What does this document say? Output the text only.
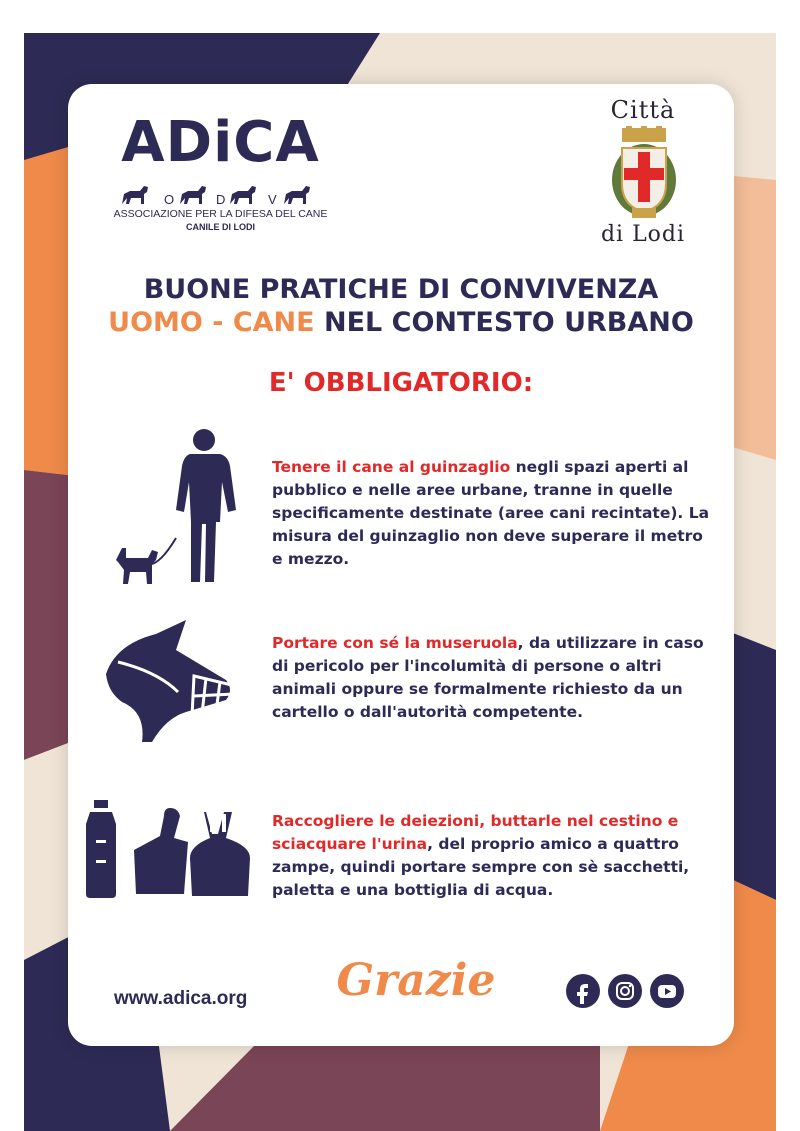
ADiCA
O	D	V
ASSOCIAZIONE PER LA DIFESA DEL CANE
CANILE DI LODI
Città
di Lodi
BUONE PRATICHE DI CONVIVENZA
UOMO - CANE NEL CONTESTO URBANO
E' OBBLIGATORIO:
Tenere il cane al guinzaglio negli spazi aperti al pubblico e nelle aree urbane, tranne in quelle specificamente destinate (aree cani recintate). La misura del guinzaglio non deve superare il metro e mezzo.
Portare con sé la museruola, da utilizzare in caso di pericolo per l'incolumità di persone o altri animali oppure se formalmente richiesto da un cartello o dall'autorità competente.
Raccogliere le deiezioni, buttarle nel cestino e sciacquare l'urina, del proprio amico a quattro zampe, quindi portare sempre con sè sacchetti, paletta e una bottiglia di acqua.
www.adica.org	Grazie
